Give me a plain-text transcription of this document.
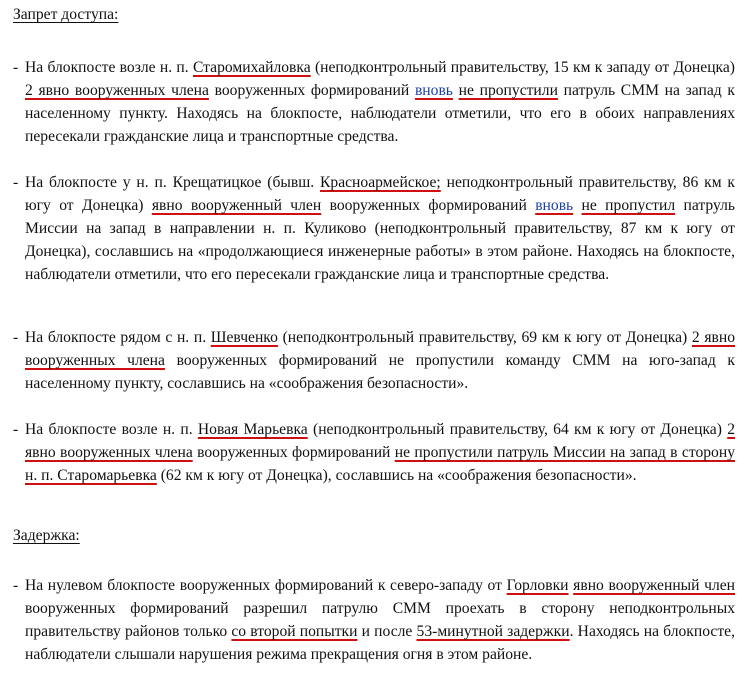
Запрет доступа:
- На блокпосте возле н. п. Старомихайловка (неподконтрольный правительству, 15 км к западу от Донецка) 2 явно вооруженных члена вооруженных формирований вновь не пропустили патруль СММ на запад к населенному пункту. Находясь на блокпосте, наблюдатели отметили, что его в обоих направлениях пересекали гражданские лица и транспортные средства.
- На блокпосте у н. п. Крещатицкое (бывш. Красноармейское; неподконтрольный правительству, 86 км к югу от Донецка) явно вооруженный член вооруженных формирований вновь не пропустил патруль Миссии на запад в направлении н. п. Куликово (неподконтрольный правительству, 87 км к югу от Донецка), сославшись на «продолжающиеся инженерные работы» в этом районе. Находясь на блокпосте, наблюдатели отметили, что его пересекали гражданские лица и транспортные средства.
- На блокпосте рядом с н. п. Шевченко (неподконтрольный правительству, 69 км к югу от Донецка) 2 явно вооруженных члена вооруженных формирований не пропустили команду СММ на юго-запад к населенному пункту, сославшись на «соображения безопасности».
- На блокпосте возле н. п. Новая Марьевка (неподконтрольный правительству, 64 км к югу от Донецка) 2 явно вооруженных члена вооруженных формирований не пропустили патруль Миссии на запад в сторону н. п. Старомарьевка (62 км к югу от Донецка), сославшись на «соображения безопасности».
Задержка:
- На нулевом блокпосте вооруженных формирований к северо-западу от Горловки явно вооруженный член вооруженных формирований разрешил патрулю СММ проехать в сторону неподконтрольных правительству районов только со второй попытки и после 53-минутной задержки. Находясь на блокпосте, наблюдатели слышали нарушения режима прекращения огня в этом районе.
